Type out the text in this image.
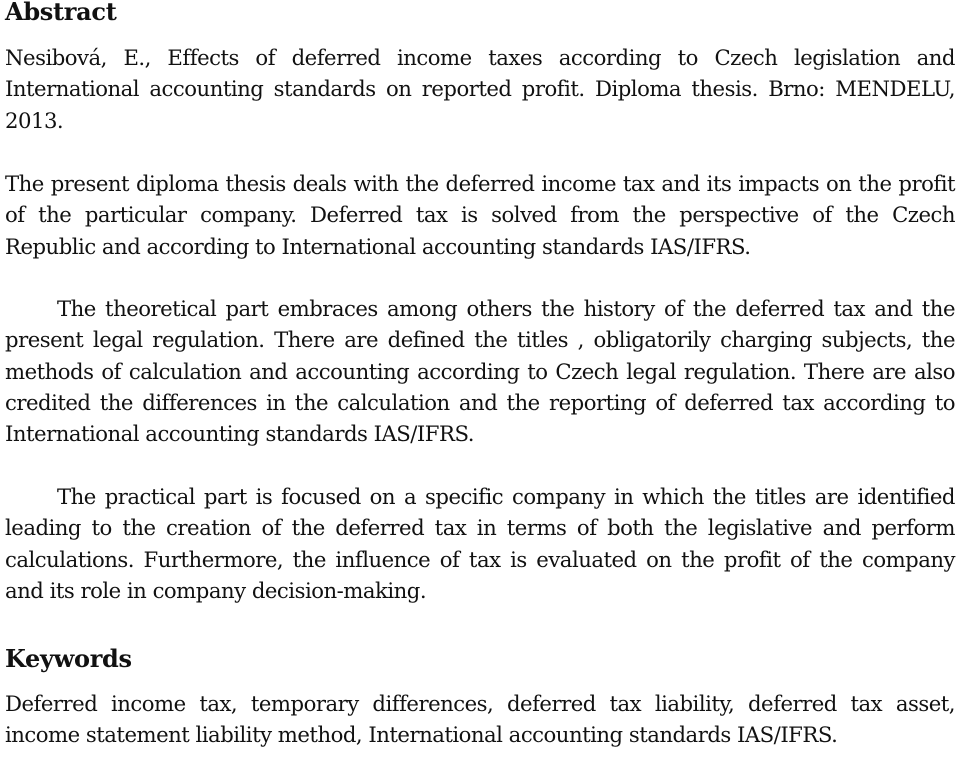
Abstract

Nesibová, E., Effects of deferred income taxes according to Czech legislation and International accounting standards on reported profit. Diploma thesis. Brno: MENDELU, 2013.

The present diploma thesis deals with the deferred income tax and its impacts on the profit of the particular company. Deferred tax is solved from the perspective of the Czech Republic and according to International accounting standards IAS/IFRS.

The theoretical part embraces among others the history of the deferred tax and the present legal regulation. There are defined the titles , obligatorily charging subjects, the methods of calculation and accounting according to Czech legal regulation. There are also credited the differences in the calculation and the reporting of deferred tax according to International accounting standards IAS/IFRS.

The practical part is focused on a specific company in which the titles are identified leading to the creation of the deferred tax in terms of both the legislative and perform calculations. Furthermore, the influence of tax is evaluated on the profit of the company and its role in company decision-making.

Keywords

Deferred income tax, temporary differences, deferred tax liability, deferred tax asset, income statement liability method, International accounting standards IAS/IFRS.
